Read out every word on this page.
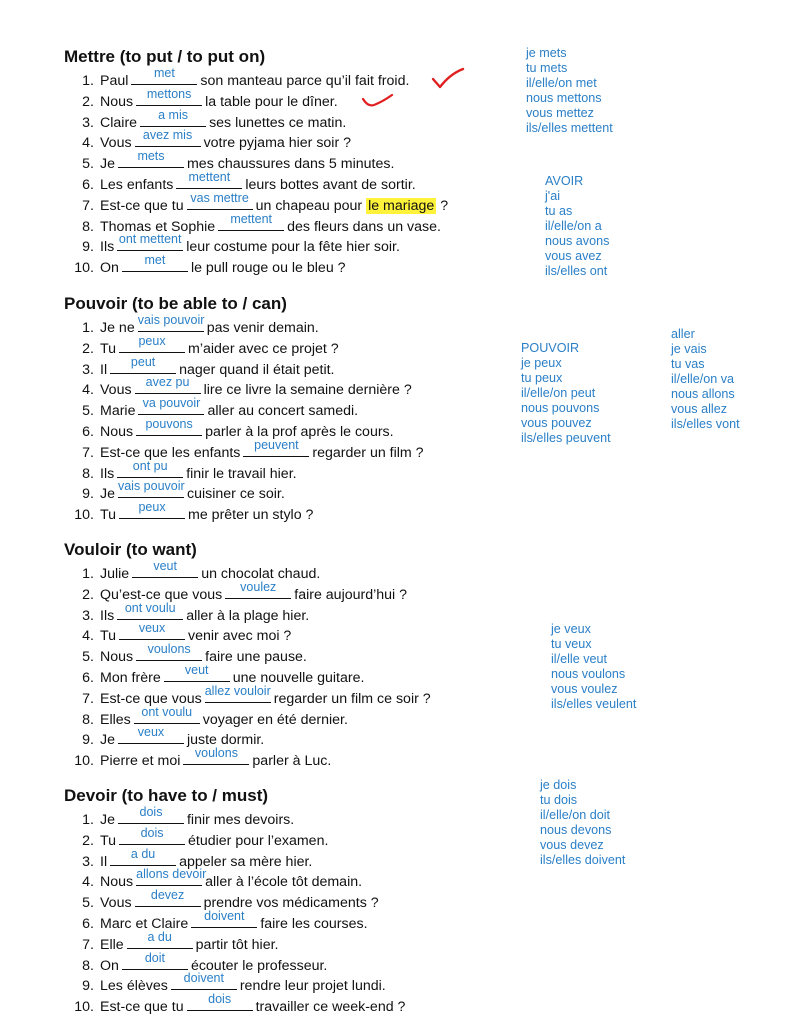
Mettre (to put / to put on)
1. Paul	met	son manteau parce qu’il fait froid.
2. Nous	mettons la table pour le dîner.
3. Claire	a mis	ses lunettes ce matin.
4. Vous avez mis votre pyjama hier soir ?
5. Je	mets	mes chaussures dans 5 minutes.
6. Les enfants	mettent	leurs bottes avant de sortir.
7. Est-ce que tu vas mettre un chapeau pour le mariage ?
8. Thomas et Sophie	mettent	des fleurs dans un vase.
9. Ils ont mettent leur costume pour la fête hier soir.
10. On	met	le pull rouge ou le bleu ?
Pouvoir (to be able to / can)
1. Je ne vais pouvoir pas venir demain.
2. Tu	peux	m’aider avec ce projet ?
3. Il	peut	nager quand il était petit.
4. Vous	avez pu lire ce livre la semaine dernière ?
5. Marie va pouvoir aller au concert samedi.
6. Nous pouvons parler à la prof après le cours.
7. Est-ce que les enfants	peuvent regarder un film ?
8. Ils	ont pu	finir le travail hier.
9. Je vais pouvoir cuisiner ce soir.
10. Tu	peux	me prêter un stylo ?
Vouloir (to want)
1. Julie	veut	un chocolat chaud.
2. Qu’est-ce que vous	voulez	faire aujourd’hui ?
3. Ils ont voulu aller à la plage hier.
4. Tu	veux	venir avec moi ?
5. Nous	voulons	faire une pause.
6. Mon frère	veut	une nouvelle guitare.
7. Est-ce que vous allez vouloir regarder un film ce soir ?
8. Elles ont voulu voyager en été dernier.
9. Je	veux	juste dormir.
10. Pierre et moi	voulons	parler à Luc.
Devoir (to have to / must)
1. Je	dois	finir mes devoirs.
2. Tu	dois	étudier pour l’examen.
3. Il	a du	appeler sa mère hier.
4. Nous allons devoir
aller à l’école tôt demain.
5. Vous	devez	prendre vos médicaments ?
6. Marc et Claire	doivent	faire les courses.
7. Elle	a du	partir tôt hier.
8. On	doit	écouter le professeur.
9. Les élèves	doivent	rendre leur projet lundi.
10. Est-ce que tu	dois	travailler ce week-end ?
je mets
tu mets
il/elle/on met
nous mettons
vous mettez
ils/elles mettent
AVOIR
j'ai
tu as
il/elle/on a
nous avons
vous avez
ils/elles ont
POUVOIR
je peux
tu peux
il/elle/on peut
nous pouvons
vous pouvez
ils/elles peuvent
aller
je vais
tu vas
il/elle/on va
nous allons
vous allez
ils/elles vont
je veux
tu veux
il/elle veut
nous voulons
vous voulez
ils/elles veulent
je dois
tu dois
il/elle/on doit
nous devons
vous devez
ils/elles doivent
